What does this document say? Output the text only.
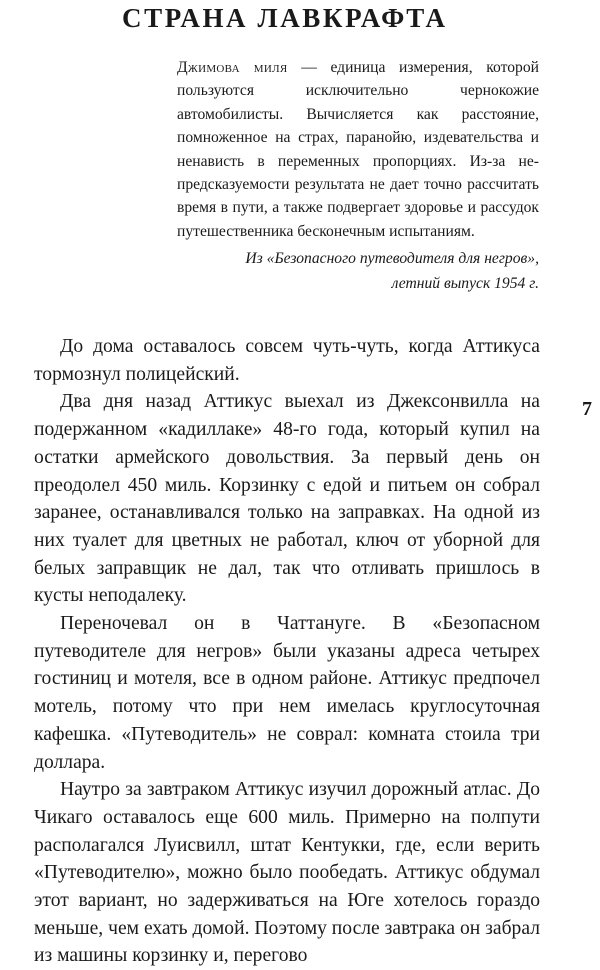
СТРАНА ЛАВКРАФТА

Джимова миля — единица измерения, которой пользуются исключительно чернокожие автомобилисты. Вычисляется как расстояние, помноженное на страх, паранойю, издевательства и ненависть в переменных пропорциях. Из-за непредсказуемости результата не дает точно рассчитать время в пути, а также подвергает здоровье и рассудок путешественника бесконечным испытаниям.

Из «Безопасного путеводителя для негров»,
летний выпуск 1954 г.

До дома оставалось совсем чуть-чуть, когда Аттикуса тормознул полицейский.

Два дня назад Аттикус выехал из Джексонвилла на подержанном «кадиллаке» 48-го года, который купил на остатки армейского довольствия. За первый день он преодолел 450 миль. Корзинку с едой и питьем он собрал заранее, останавливался только на заправках. На одной из них туалет для цветных не работал, ключ от уборной для белых заправщик не дал, так что отливать пришлось в кусты неподалеку.

Переночевал он в Чаттануге. В «Безопасном путеводителе для негров» были указаны адреса четырех гостиниц и мотеля, все в одном районе. Аттикус предпочел мотель, потому что при нем имелась круглосуточная кафешка. «Путеводитель» не соврал: комната стоила три доллара.

Наутро за завтраком Аттикус изучил дорожный атлас. До Чикаго оставалось еще 600 миль. Примерно на полпути располагался Луисвилл, штат Кентукки, где, если верить «Путеводителю», можно было пообедать. Аттикус обдумал этот вариант, но задерживаться на Юге хотелось гораздо меньше, чем ехать домой. Поэтому после завтрака он забрал из машины корзинку и, перегово

7
